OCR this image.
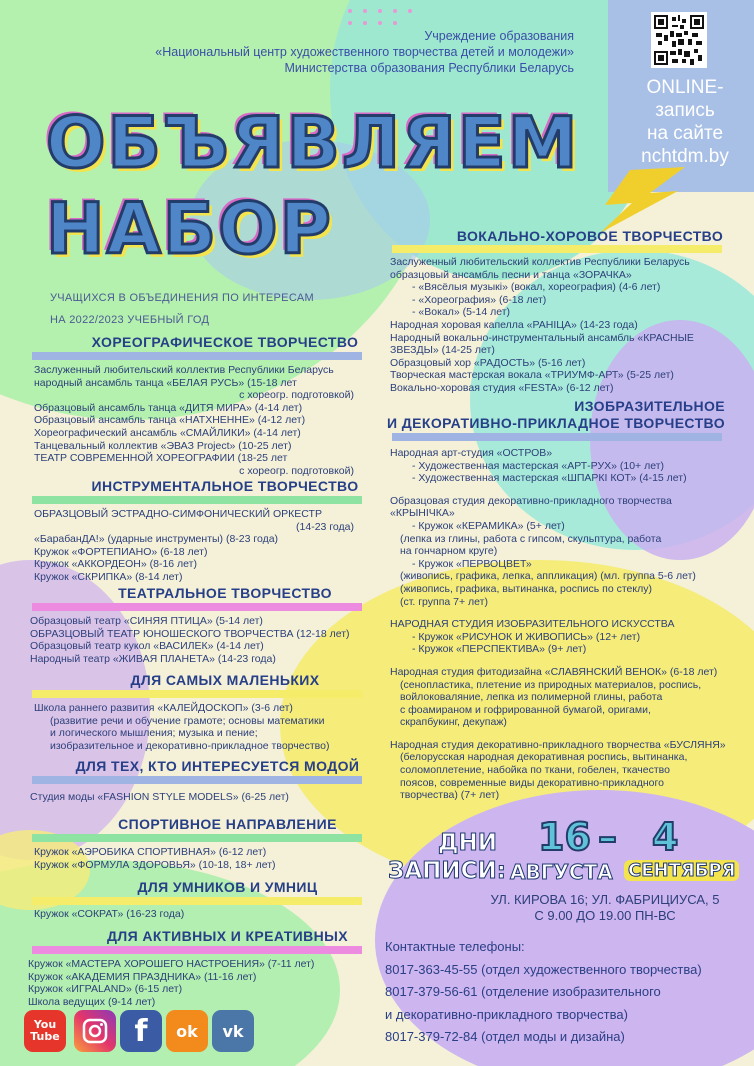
ONLINE-
запись
на сайте
nchtdm.by
Учреждение образования
«Национальный центр художественного творчества детей и молодежи»
Министерства образования Республики Беларусь
ОБЪЯВЛЯЕМ
НАБОР
УЧАЩИХСЯ В ОБЪЕДИНЕНИЯ ПО ИНТЕРЕСАМ
НА 2022/2023 УЧЕБНЫЙ ГОД
ХОРЕОГРАФИЧЕСКОЕ ТВОРЧЕСТВО
Заслуженный любительский коллектив Республики Беларусь
народный ансамбль танца «БЕЛАЯ РУСЬ» (15-18 лет
с хореогр. подготовкой)
Образцовый ансамбль танца «ДИТЯ МИРА» (4-14 лет)
Образцовый ансамбль танца «НАТХНЕННЕ» (4-12 лет)
Хореографический ансамбль «СМАЙЛИКИ» (4-14 лет)
Танцевальный коллектив «ЭВАЗ Project» (10-25 лет)
ТЕАТР СОВРЕМЕННОЙ ХОРЕОГРАФИИ (18-25 лет
с хореогр. подготовкой)
ИНСТРУМЕНТАЛЬНОЕ ТВОРЧЕСТВО
ОБРАЗЦОВЫЙ ЭСТРАДНО-СИМФОНИЧЕСКИЙ ОРКЕСТР
(14-23 года)
«БарабанДА!» (ударные инструменты) (8-23 года)
Кружок «ФОРТЕПИАНО» (6-18 лет)
Кружок «АККОРДЕОН» (8-16 лет)
Кружок «СКРИПКА» (8-14 лет)
ТЕАТРАЛЬНОЕ ТВОРЧЕСТВО
Образцовый театр «СИНЯЯ ПТИЦА» (5-14 лет)
ОБРАЗЦОВЫЙ ТЕАТР ЮНОШЕСКОГО ТВОРЧЕСТВА (12-18 лет)
Образцовый театр кукол «ВАСИЛЕК» (4-14 лет)
Народный театр «ЖИВАЯ ПЛАНЕТА» (14-23 года)
ДЛЯ САМЫХ МАЛЕНЬКИХ
Школа раннего развития «КАЛЕЙДОСКОП» (3-6 лет)
(развитие речи и обучение грамоте; основы математики
и логического мышления; музыка и пение;
изобразительное и декоративно-прикладное творчество)
ДЛЯ ТЕХ, КТО ИНТЕРЕСУЕТСЯ МОДОЙ
Студия моды «FASHION STYLE MODELS» (6-25 лет)
СПОРТИВНОЕ НАПРАВЛЕНИЕ
Кружок «АЭРОБИКА СПОРТИВНАЯ» (6-12 лет)
Кружок «ФОРМУЛА ЗДОРОВЬЯ» (10-18, 18+ лет)
ДЛЯ УМНИКОВ И УМНИЦ
Кружок «СОКРАТ» (16-23 года)
ДЛЯ АКТИВНЫХ И КРЕАТИВНЫХ
Кружок «МАСТЕРА ХОРОШЕГО НАСТРОЕНИЯ» (7-11 лет)
Кружок «АКАДЕМИЯ ПРАЗДНИКА» (11-16 лет)
Кружок «ИГРАLAND» (6-15 лет)
Школа ведущих (9-14 лет)
ВОКАЛЬНО-ХОРОВОЕ ТВОРЧЕСТВО
Заслуженный любительский коллектив Республики Беларусь
образцовый ансамбль песни и танца «ЗОРАЧКА»
- «Вясёлыя музыкі» (вокал, хореография) (4-6 лет)
- «Хореография» (6-18 лет)
- «Вокал» (5-14 лет)
Народная хоровая капелла «РАНIЦА» (14-23 года)
Народный вокально-инструментальный ансамбль «КРАСНЫЕ
ЗВЕЗДЫ» (14-25 лет)
Образцовый хор «РАДОСТЬ» (5-16 лет)
Творческая мастерская вокала «ТРИУМФ-АРТ» (5-25 лет)
Вокально-хоровая студия «FESTA» (6-12 лет)
ИЗОБРАЗИТЕЛЬНОЕ
И ДЕКОРАТИВНО-ПРИКЛАДНОЕ ТВОРЧЕСТВО
Народная арт-студия «ОСТРОВ»
- Художественная мастерская «АРТ-РУХ» (10+ лет)
- Художественная мастерская «ШПАРКI КОТ» (4-15 лет)
Образцовая студия декоративно-прикладного творчества
«КРЫНIЧКА»
- Кружок «КЕРАМИКА» (5+ лет)
(лепка из глины, работа с гипсом, скульптура, работа
на гончарном круге)
- Кружок «ПЕРВОЦВЕТ»
(живопись, графика, лепка, аппликация) (мл. группа 5-6 лет)
(живопись, графика, вытинанка, роспись по стеклу)
(ст. группа 7+ лет)
НАРОДНАЯ СТУДИЯ ИЗОБРАЗИТЕЛЬНОГО ИСКУССТВА
- Кружок «РИСУНОК И ЖИВОПИСЬ» (12+ лет)
- Кружок «ПЕРСПЕКТИВА» (9+ лет)
Народная студия фитодизайна «СЛАВЯНСКИЙ ВЕНОК» (6-18 лет)
(сенопластика, плетение из природных материалов, роспись,
войлоковаляние, лепка из полимерной глины, работа
с фоамираном и гофрированной бумагой, оригами,
скрапбукинг, декупаж)
Народная студия декоративно-прикладного творчества «БУСЛЯНЯ»
(белорусская народная декоративная роспись, вытинанка,
соломоплетение, набойка по ткани, гобелен, ткачество
поясов, современные виды декоративно-прикладного
творчества) (7+ лет)
ДНИ
ЗАПИСИ:
16 – 4
АВГУСТА СЕНТЯБРЯ
УЛ. КИРОВА 16; УЛ. ФАБРИЦИУСА, 5
С 9.00 ДО 19.00 ПН-ВС
Контактные телефоны:
8017-363-45-55 (отдел художественного творчества)
8017-379-56-61 (отделение изобразительного
и декоративно-прикладного творчества)
8017-379-72-84 (отдел моды и дизайна)
You
Tube	f	ok	vk
